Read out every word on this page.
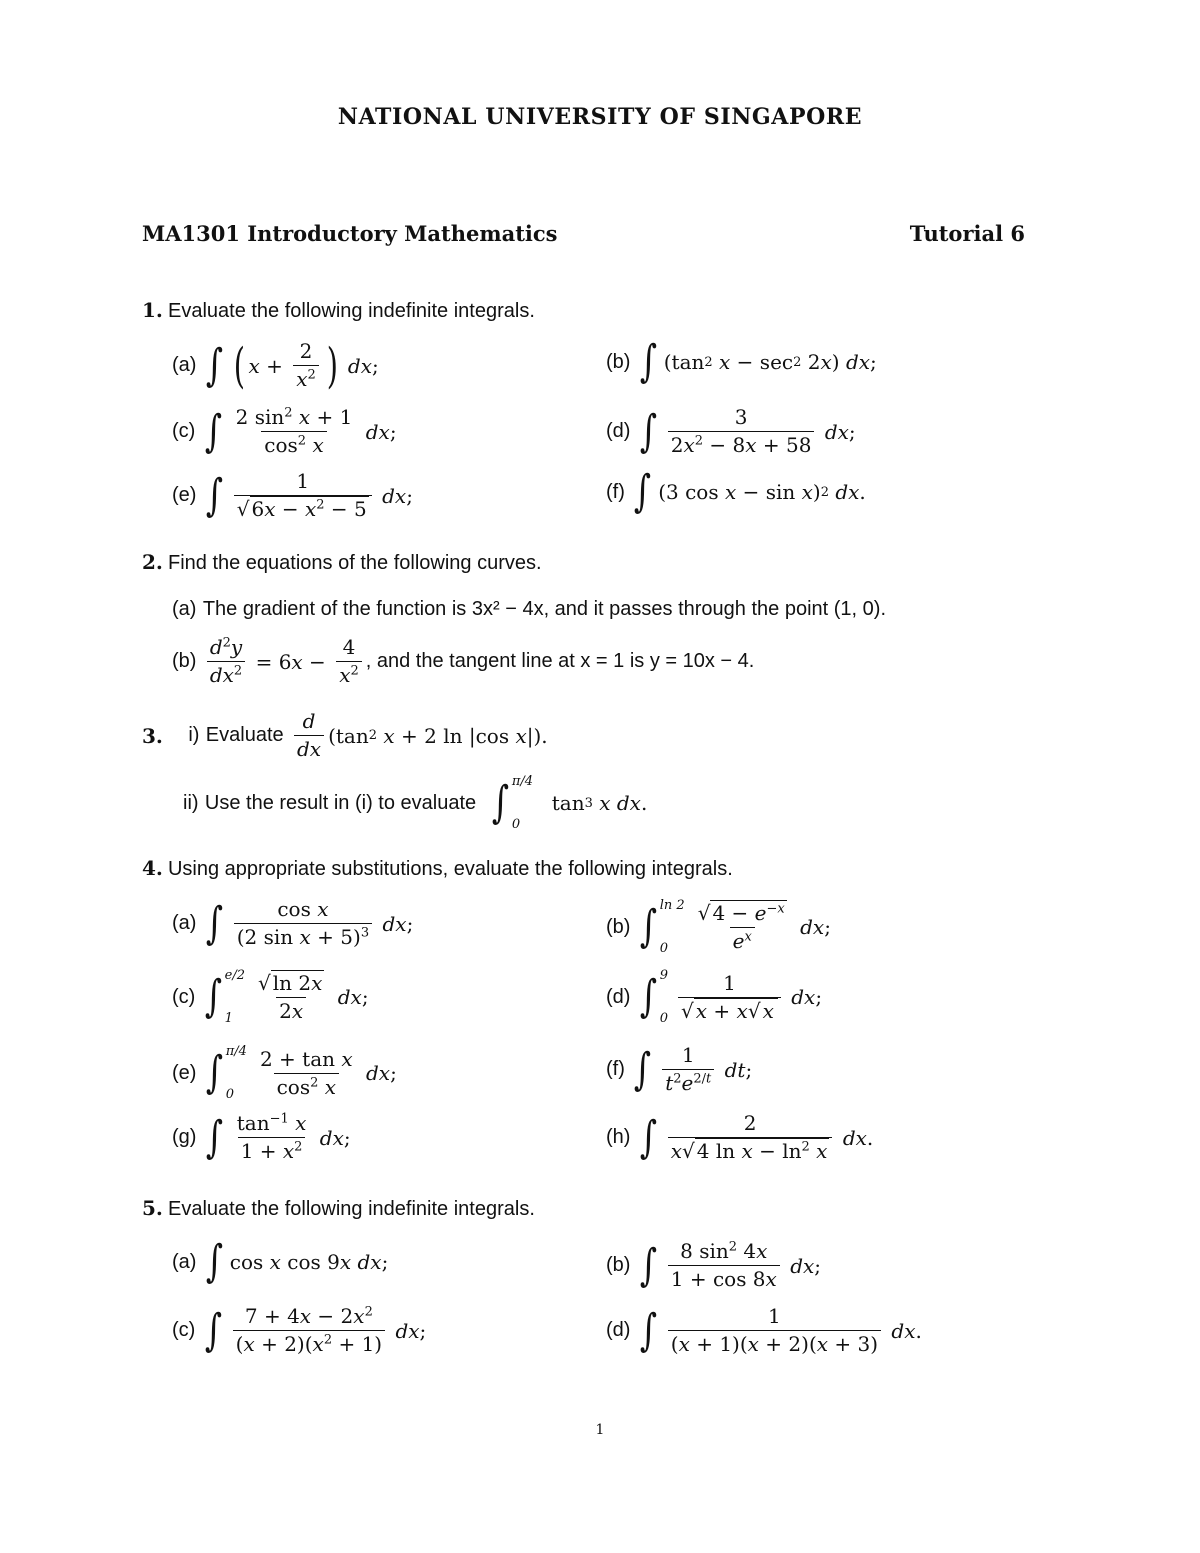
NATIONAL UNIVERSITY OF SINGAPORE
MA1301 Introductory Mathematics	Tutorial 6
1. Evaluate the following indefinite integrals.
(a)
∫ ( x +
2
$x^2$ )
dx ;	(b)
∫ (tan 2
x − sec 2 2 x ) dx ;
(c)
∫ 2 $\sin^2 x + 1$
$\cos^2 x$

dx ;	(d)
∫	3
$2x^2 - 8x + 58$

dx ;
(e)
∫	1
√ $6x - x^2 - 5$

dx ;	(f)
∫ (3 cos x − sin x ) 2
dx .
2. Find the equations of the following curves.
(a) The gradient of the function is 3x² − 4x, and it passes through the point (1, 0).
(b)

$d^2y$
$dx^2 = 6$ x −
4
$x^2$ , and the tangent line at x = 1 is y = 10x − 4.
3.
i)
Evaluate

d
dx
(tan 2
x + 2 ln |cos x |).
ii)
Use the result in (i) to evaluate
∫ π/4
0
tan 3
x
dx .
4. Using appropriate substitutions, evaluate the following integrals.
(a)
∫	cos x
(2 sin x + 5)$^3$
dx ;	(b)
∫ ln 2
0
√ $4 - e^{-x}$
$e^x$
dx ;
(c)
∫ e/2
1
√ ln 2x
2x

dx ;	(d)
∫ 9
0
1
√ x + x√ x

dx ;
(e)
∫ π/4
0
2 + tan x
$\cos^2 x$

dx ;	(f)
∫ 1
$t^2e^{2/t}$
dt ;
(g)
∫ $\tan^{-1} x$
$1 + x^2$
dx ;	(h)
∫	2
x√ 4 $\ln x - \ln^2 x$

dx .
5. Evaluate the following indefinite integrals.
(a)
∫ cos x cos 9 x
dx ;	(b)
∫ 8 $\sin^2 4x$
1 + cos 8x

dx ;
(c)
∫ $7 + 4x - 2x^2$
$(x + 2)(x^2 + 1)$

dx ;	(d)
∫	1
(x + 1)(x + 2)(x + 3)

dx .
1
